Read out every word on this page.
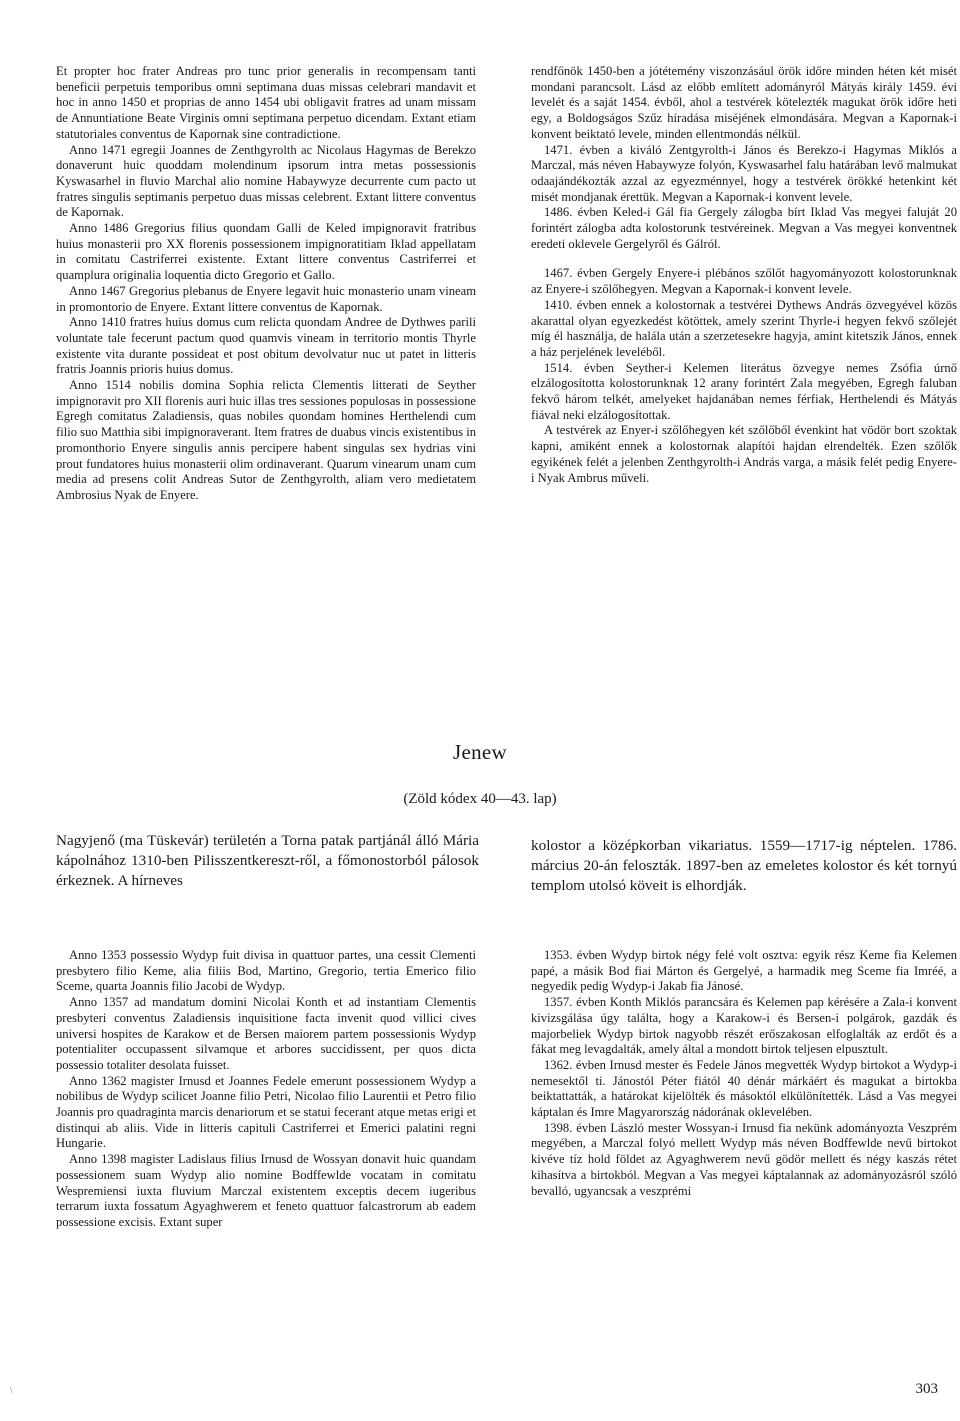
Et propter hoc frater Andreas pro tunc prior generalis in recompensam tanti beneficii perpetuis temporibus omni septimana duas missas celebrari mandavit et hoc in anno 1450 et proprias de anno 1454 ubi obligavit fratres ad unam missam de Annuntiatione Beate Virginis omni septimana perpetuo dicendam. Extant etiam statutoriales conventus de Kapornak sine contradictione.

Anno 1471 egregii Joannes de Zenthgyrolth ac Nicolaus Hagymas de Berekzo donaverunt huic quoddam molendinum ipsorum intra metas possessionis Kyswasarhel in fluvio Marchal alio nomine Habaywyze decurrente cum pacto ut fratres singulis septimanis perpetuo duas missas celebrent. Extant littere conventus de Kapornak.

Anno 1486 Gregorius filius quondam Galli de Keled impignoravit fratribus huius monasterii pro XX florenis possessionem impignoratitiam Iklad appellatam in comitatu Castriferrei existente. Extant littere conventus Castriferrei et quamplura originalia loquentia dicto Gregorio et Gallo.

Anno 1467 Gregorius plebanus de Enyere legavit huic monasterio unam vineam in promontorio de Enyere. Extant littere conventus de Kapornak.

Anno 1410 fratres huius domus cum relicta quondam Andree de Dythwes parili voluntate tale fecerunt pactum quod quamvis vineam in territorio montis Thyrle existente vita durante possideat et post obitum devolvatur nuc ut patet in litteris fratris Joannis prioris huius domus.

Anno 1514 nobilis domina Sophia relicta Clementis litterati de Seyther impignoravit pro XII florenis auri huic illas tres sessiones populosas in possessione Egregh comitatus Zaladiensis, quas nobiles quondam homines Herthelendi cum filio suo Matthia sibi impignoraverant. Item fratres de duabus vincis existentibus in promonthorio Enyere singulis annis percipere habent singulas sex hydrias vini prout fundatores huius monasterii olim ordinaverant. Quarum vinearum unam cum media ad presens colit Andreas Sutor de Zenthgyrolth, aliam vero medietatem Ambrosius Nyak de Enyere.

rendfőnök 1450-ben a jótétemény viszonzásául örök időre minden héten két misét mondani parancsolt. Lásd az előbb említett adományról Mátyás király 1459. évi levelét és a saját 1454. évből, ahol a testvérek kötelezték magukat örök időre heti egy, a Boldogságos Szűz híradása miséjének elmondására. Megvan a Kapornak-i konvent beiktató levele, minden ellentmondás nélkül.

1471. évben a kiváló Zentgyrolth-i János és Berekzo-i Hagymas Miklós a Marczal, más néven Habaywyze folyón, Kyswasarhel falu határában levő malmukat odaajándékozták azzal az egyezménnyel, hogy a testvérek örökké hetenkint két misét mondjanak érettük. Megvan a Kapornak-i konvent levele.

1486. évben Keled-i Gál fia Gergely zálogba bírt Iklad Vas megyei faluját 20 forintért zálogba adta kolostorunk testvéreinek. Megvan a Vas megyei konventnek eredeti oklevele Gergelyről és Gálról.

1467. évben Gergely Enyere-i plébános szőlőt hagyományozott kolostorunknak az Enyere-i szőlőhegyen. Megvan a Kapornak-i konvent levele.

1410. évben ennek a kolostornak a testvérei Dythews András özvegyével közös akarattal olyan egyezkedést kötöttek, amely szerint Thyrle-i hegyen fekvő szőlejét míg él használja, de halála után a szerzetesekre hagyja, amint kitetszik János, ennek a ház perjelének leveléből.

1514. évben Seyther-i Kelemen literátus özvegye nemes Zsófia úrnő elzálogosította kolostorunknak 12 arany forintért Zala megyében, Egregh faluban fekvő három telkét, amelyeket hajdanában nemes férfiak, Herthelendi és Mátyás fiával neki elzálogosítottak.

A testvérek az Enyer-i szőlőhegyen két szőlőből évenkint hat vödör bort szoktak kapni, amiként ennek a kolostornak alapítói hajdan elrendelték. Ezen szőlők egyikének felét a jelenben Zenthgyrolth-i András varga, a másik felét pedig Enyere-i Nyak Ambrus műveli.

Jenew
(Zöld kódex 40—43. lap)

Nagyjenő (ma Tüskevár) területén a Torna patak partjánál álló Mária kápolnához 1310-ben Pilisszentkereszt-ről, a főmonostorból pálosok érkeznek. A hírneves

kolostor a középkorban vikariatus. 1559—1717-ig néptelen. 1786. március 20-án feloszták. 1897-ben az emeletes kolostor és két tornyú templom utolsó köveit is elhordják.

Anno 1353 possessio Wydyp fuit divisa in quattuor partes, una cessit Clementi presbytero filio Keme, alia filiis Bod, Martino, Gregorio, tertia Emerico filio Sceme, quarta Joannis filio Jacobi de Wydyp.

Anno 1357 ad mandatum domini Nicolai Konth et ad instantiam Clementis presbyteri conventus Zaladiensis inquisitione facta invenit quod villici cives universi hospites de Karakow et de Bersen maiorem partem possessionis Wydyp potentialiter occupassent silvamque et arbores succidissent, per quos dicta possessio totaliter desolata fuisset.

Anno 1362 magister Irnusd et Joannes Fedele emerunt possessionem Wydyp a nobilibus de Wydyp scilicet Joanne filio Petri, Nicolao filio Laurentii et Petro filio Joannis pro quadraginta marcis denariorum et se statui fecerant atque metas erigi et distinqui ab aliis. Vide in litteris capituli Castriferrei et Emerici palatini regni Hungarie.

Anno 1398 magister Ladislaus filius Irnusd de Wossyan donavit huic quandam possessionem suam Wydyp alio nomine Bodffewlde vocatam in comitatu Wespremiensi iuxta fluvium Marczal existentem exceptis decem iugeribus terrarum iuxta fossatum Agyaghwerem et feneto quattuor falcastrorum ab eadem possessione excisis. Extant super

1353. évben Wydyp birtok négy felé volt osztva: egyik rész Keme fia Kelemen papé, a másik Bod fiai Márton és Gergelyé, a harmadik meg Sceme fia Imréé, a negyedik pedig Wydyp-i Jakab fia Jánosé.

1357. évben Konth Miklós parancsára és Kelemen pap kérésére a Zala-i konvent kivizsgálása úgy találta, hogy a Karakow-i és Bersen-i polgárok, gazdák és majorbeliek Wydyp birtok nagyobb részét erőszakosan elfoglalták az erdőt és a fákat meg levagdalták, amely által a mondott birtok teljesen elpusztult.

1362. évben Irnusd mester és Fedele János megvették Wydyp birtokot a Wydyp-i nemesektől ti. Jánostól Péter fiától 40 dénár márkáért és magukat a birtokba beiktattatták, a határokat kijelölték és másoktól elkülönítették. Lásd a Vas megyei káptalan és Imre Magyarország nádorának oklevelében.

1398. évben László mester Wossyan-i Irnusd fia nekünk adományozta Veszprém megyében, a Marczal folyó mellett Wydyp más néven Bodffewlde nevű birtokot kivéve tíz hold földet az Agyaghwerem nevű gödör mellett és négy kaszás rétet kihasítva a birtokból. Megvan a Vas megyei káptalannak az adományozásról szóló bevalló, ugyancsak a veszprémi

\	303
